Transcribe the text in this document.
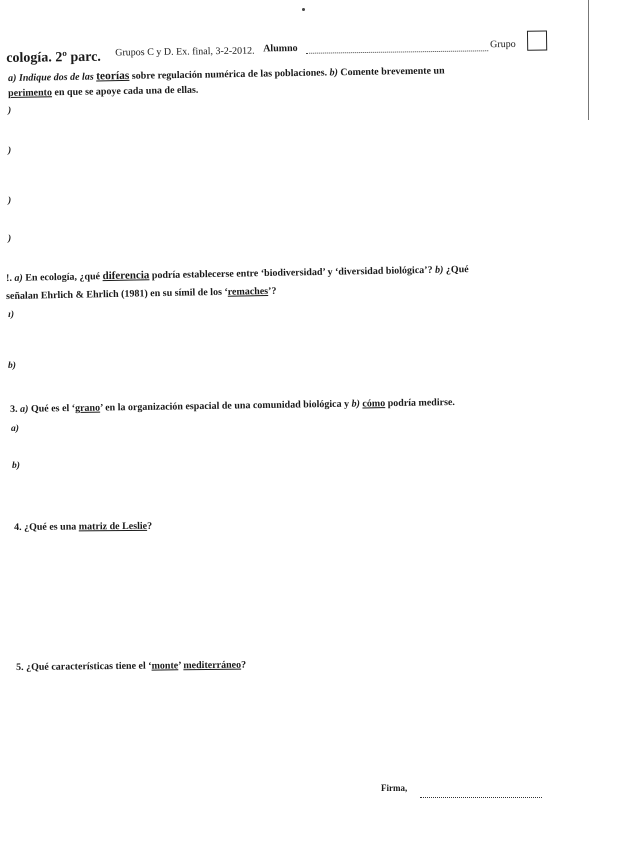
cología. 2º parc. Grupos C y D. Ex. final, 3-2-2012. Alumno	Grupo
a) Indique dos de las teorías sobre regulación numérica de las poblaciones. b) Comente brevemente un
perimento en que se apoye cada una de ellas.
)
)
)
)
!. a) En ecología, ¿qué diferencia podría establecerse entre ‘biodiversidad’ y ‘diversidad biológica’? b) ¿Qué
señalan Ehrlich & Ehrlich (1981) en su símil de los ‘remaches’?
ɪ)
b)
3. a) Qué es el ‘grano’ en la organización espacial de una comunidad biológica y b) cómo podría medirse.
a)
b)
4. ¿Qué es una matriz de Leslie?
5. ¿Qué características tiene el ‘monte’ mediterráneo?
Firma,
